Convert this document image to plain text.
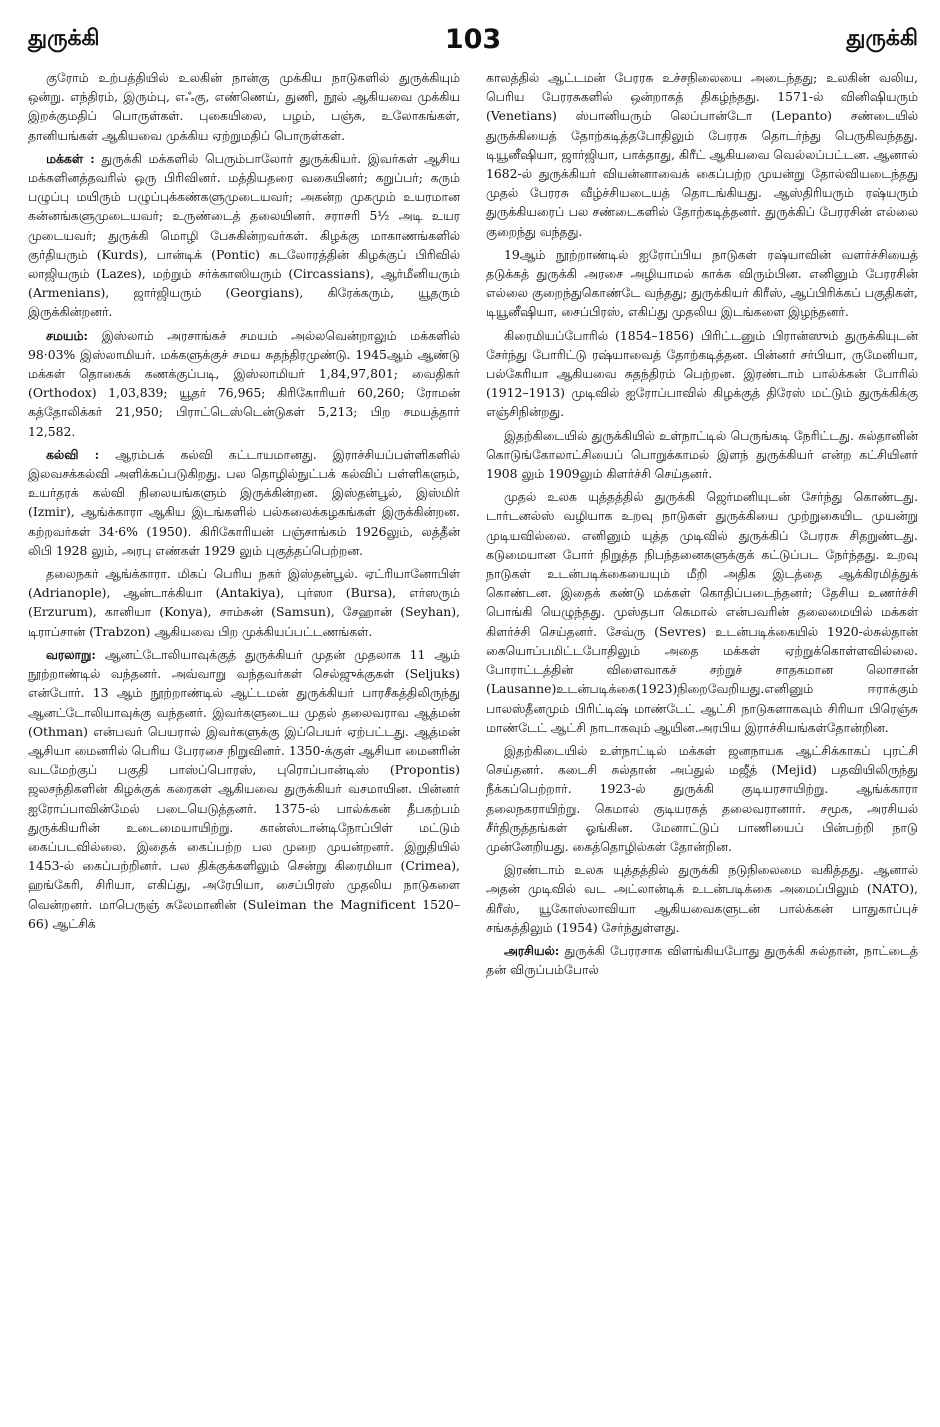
துருக்கி	103	துருக்கி

குரோம் உற்பத்தியில் உலகின் நான்கு முக்கிய நாடுகளில் துருக்கியும் ஒன்று. எந்திரம், இரும்பு, எஃகு, எண்ணெய், துணி, நூல் ஆகியவை முக்கிய இறக்குமதிப் பொருள்கள். புகையிலை, பழம், பஞ்சு, உலோகங்கள், தானியங்கள் ஆகியவை முக்கிய ஏற்றுமதிப் பொருள்கள்.

மக்கள் : துருக்கி மக்களில் பெரும்பாலோர் துருக்கியர். இவர்கள் ஆசிய மக்களினத்தவரில் ஒரு பிரிவினர். மத்தியதரை வகையினர்; கறுப்பர்; கரும் பழுப்பு மயிரும் பழுப்புக்கண்களுமுடையவர்; அகன்ற முகமும் உயரமான கன்னங்களுமுடையவர்; உருண்டைத் தலையினர். சராசரி 5½ அடி உயர முடையவர்; துருக்கி மொழி பேசுகின்றவர்கள். கிழக்கு மாகாணங்களில் குர்தியரும் (Kurds), பான்டிக் (Pontic) கடலோரத்தின் கிழக்குப் பிரிவில் லாஜியரும் (Lazes), மற்றும் சர்க்காஸியரும் (Circassians), ஆர்மீனியரும் (Armenians), ஜார்ஜியரும் (Georgians), கிரேக்கரும், யூதரும் இருக்கின்றனர்.

சமயம்: இஸ்லாம் அரசாங்கச் சமயம் அல்லவென்றாலும் மக்களில் 98·03% இஸ்லாமியர். மக்களுக்குச் சமய சுதந்திரமுண்டு. 1945ஆம் ஆண்டு மக்கள் தொகைக் கணக்குப்படி, இஸ்லாமியர் 1,84,97,801; வைதிகர் (Orthodox) 1,03,839; யூதர் 76,965; கிரிகோரியர் 60,260; ரோமன் கத்தோலிக்கர் 21,950; பிராட்டெஸ்டென்டுகள் 5,213; பிற சமயத்தார் 12,582.

கல்வி : ஆரம்பக் கல்வி கட்டாயமானது. இராச்சியப்பள்ளிகளில் இலவசக்கல்வி அளிக்கப்படுகிறது. பல தொழில்நுட்பக் கல்விப் பள்ளிகளும், உயர்தரக் கல்வி நிலையங்களும் இருக்கின்றன. இஸ்தன்பூல், இஸ்மிர் (Izmir), ஆங்க்காரா ஆகிய இடங்களில் பல்கலைக்கழகங்கள் இருக்கின்றன. கற்றவர்கள் 34·6% (1950). கிரிகோரியன் பஞ்சாங்கம் 1926லும், லத்தீன் லிபி 1928 லும், அரபு எண்கள் 1929 லும் புகுத்தப்பெற்றன.

தலைநகர் ஆங்க்காரா. மிகப் பெரிய நகர் இஸ்தன்பூல். ஏட்ரியானோபிள் (Adrianople), ஆன்டாக்கியா (Antakiya), புர்ஸா (Bursa), எர்ஸரும் (Erzurum), கானியா (Konya), சாம்சுன் (Samsun), சேஹான் (Seyhan), டிராப்சான் (Trabzon) ஆகியவை பிற முக்கியப்பட்டணங்கள்.

வரலாறு: ஆனட்டோலியாவுக்குத் துருக்கியர் முதன் முதலாக 11 ஆம் நூற்றாண்டில் வந்தனர். அவ்வாறு வந்தவர்கள் செல்ஜுக்குகள் (Seljuks) என்போர். 13 ஆம் நூற்றாண்டில் ஆட்டமன் துருக்கியர் பாரசீகத்திலிருந்து ஆனட்டோலியாவுக்கு வந்தனர். இவர்களுடைய முதல் தலைவராவ ஆத்மன் (Othman) என்பவர் பெயரால் இவர்களுக்கு இப்பெயர் ஏற்பட்டது. ஆத்மன் ஆசியா மைனரில் பெரிய பேரரசை நிறுவினர். 1350-க்குள் ஆசியா மைனரின் வடமேற்குப் பகுதி பாஸ்ப்பொரஸ், புரொப்பான்டிஸ் (Propontis) ஜலசந்திகளின் கிழக்குக் கரைகள் ஆகியவை துருக்கியர் வசமாயின. பின்னர் ஐரோப்பாவின்மேல் படையெடுத்தனர். 1375-ல் பால்க்கன் தீபகற்பம் துருக்கியரின் உடைமையாயிற்று. கான்ஸ்டான்டிநோப்பிள் மட்டும் கைப்படவில்லை. இதைக் கைப்பற்ற பல முறை முயன்றனர். இறுதியில் 1453-ல் கைப்பற்றினர். பல திக்குக்களிலும் சென்று கிரைமியா (Crimea), ஹங்கேரி, சிரியா, எகிப்து, அரேபியா, சைப்பிரஸ் முதலிய நாடுகளை வென்றனர். மாபெருஞ் சுலேமானின் (Suleiman the Magnificent 1520–66) ஆட்சிக்

காலத்தில் ஆட்டமன் பேரரசு உச்சநிலையை அடைந்தது; உலகின் வலிய, பெரிய பேரரசுகளில் ஒன்றாகத் திகழ்ந்தது. 1571-ல் வினிஷியரும் (Venetians) ஸ்பானியரும் லெப்பான்டோ (Lepanto) சண்டையில் துருக்கியைத் தோற்கடித்தபோதிலும் பேரரசு தொடர்ந்து பெருகிவந்தது. டியூனீஷியா, ஜார்ஜியா, பாக்தாது, கிரீட் ஆகியவை வெல்லப்பட்டன. ஆனால் 1682-ல் துருக்கியர் வியன்னாவைக் கைப்பற்ற முயன்று தோல்வியடைந்தது முதல் பேரரசு வீழ்ச்சியடையத் தொடங்கியது. ஆஸ்திரியரும் ரஷ்யரும் துருக்கியரைப் பல சண்டைகளில் தோற்கடித்தனர். துருக்கிப் பேரரசின் எல்லை குறைந்து வந்தது.

19ஆம் நூற்றாண்டில் ஐரோப்பிய நாடுகள் ரஷ்யாவின் வளர்ச்சியைத் தடுக்கத் துருக்கி அரசை அழியாமல் காக்க விரும்பின. எனினும் பேரரசின் எல்லை குறைந்துகொண்டே வந்தது; துருக்கியர் கிரீஸ், ஆப்பிரிக்கப் பகுதிகள், டியூனீஷியா, சைப்பிரஸ், எகிப்து முதலிய இடங்களை இழந்தனர்.

கிரைமியப்போரில் (1854–1856) பிரிட்டனும் பிரான்ஸும் துருக்கியுடன் சேர்ந்து போரிட்டு ரஷ்யாவைத் தோற்கடித்தன. பின்னர் சர்பியா, ருமேனியா, பல்கேரியா ஆகியவை சுதந்திரம் பெற்றன. இரண்டாம் பால்க்கன் போரில் (1912–1913) முடிவில் ஐரோப்பாவில் கிழக்குத் திரேஸ் மட்டும் துருக்கிக்கு எஞ்சிநின்றது.

இதற்கிடையில் துருக்கியில் உள்நாட்டில் பெருங்கடி நேரிட்டது. சுல்தானின் கொடுங்கோலாட்சியைப் பொறுக்காமல் இளந் துருக்கியர் என்ற கட்சியினர் 1908 லும் 1909லும் கிளர்ச்சி செய்தனர்.

முதல் உலக யுத்தத்தில் துருக்கி ஜெர்மனியுடன் சேர்ந்து கொண்டது. டார்டனல்ஸ் வழியாக உறவு நாடுகள் துருக்கியை முற்றுகையிட முயன்று முடியவில்லை. எனினும் யுத்த முடிவில் துருக்கிப் பேரரசு சிதறுண்டது. கடுமையான போர் நிறுத்த நிபந்தனைகளுக்குக் கட்டுப்பட நேர்ந்தது. உறவு நாடுகள் உடன்படிக்கையையும் மீறி அதிக இடத்தை ஆக்கிரமித்துக் கொண்டன. இதைக் கண்டு மக்கள் கொதிப்படைந்தனர்; தேசிய உணர்ச்சி பொங்கி யெழுந்தது. முஸ்தபா கெமால் என்பவரின் தலைமையில் மக்கள் கிளர்ச்சி செய்தனர். சேவ்ரு (Sevres) உடன்படிக்கையில் 1920-ல்சுல்தான் கையொப்பமிட்டபோதிலும் அதை மக்கள் ஏற்றுக்கொள்ளவில்லை. போராட்டத்தின் விளைவாகச் சற்றுச் சாதகமான லொசான் (Lausanne)உடன்படிக்கை(1923)நிறைவேறியது.எனினும் ஈராக்கும் பாலஸ்தீனமும் பிரிட்டிஷ் மாண்டேட் ஆட்சி நாடுகளாகவும் சிரியா பிரெஞ்சு மாண்டேட் ஆட்சி நாடாகவும் ஆயின.அரபிய இராச்சியங்கள்தோன்றின.

இதற்கிடையில் உள்நாட்டில் மக்கள் ஜனநாயக ஆட்சிக்காகப் புரட்சி செய்தனர். கடைசி சுல்தான் அப்துல் மஜீத் (Mejid) பதவியிலிருந்து நீக்கப்பெற்றார். 1923-ல் துருக்கி குடியரசாயிற்று. ஆங்க்காரா தலைநகராயிற்று. கெமால் குடியரசுத் தலைவரானார். சமூக, அரசியல் சீர்திருத்தங்கள் ஓங்கின. மேனாட்டுப் பாணியைப் பின்பற்றி நாடு முன்னேறியது. கைத்தொழில்கள் தோன்றின.

இரண்டாம் உலக யுத்தத்தில் துருக்கி நடுநிலைமை வகித்தது. ஆனால் அதன் முடிவில் வட அட்லான்டிக் உடன்படிக்கை அமைப்பிலும் (NATO), கிரீஸ், யூகோஸ்லாவியா ஆகியவைகளுடன் பால்க்கன் பாதுகாப்புச் சங்கத்திலும் (1954) சேர்ந்துள்ளது.

அரசியல்: துருக்கி பேரரசாக விளங்கியபோது துருக்கி சுல்தான், நாட்டைத் தன் விருப்பம்போல்
